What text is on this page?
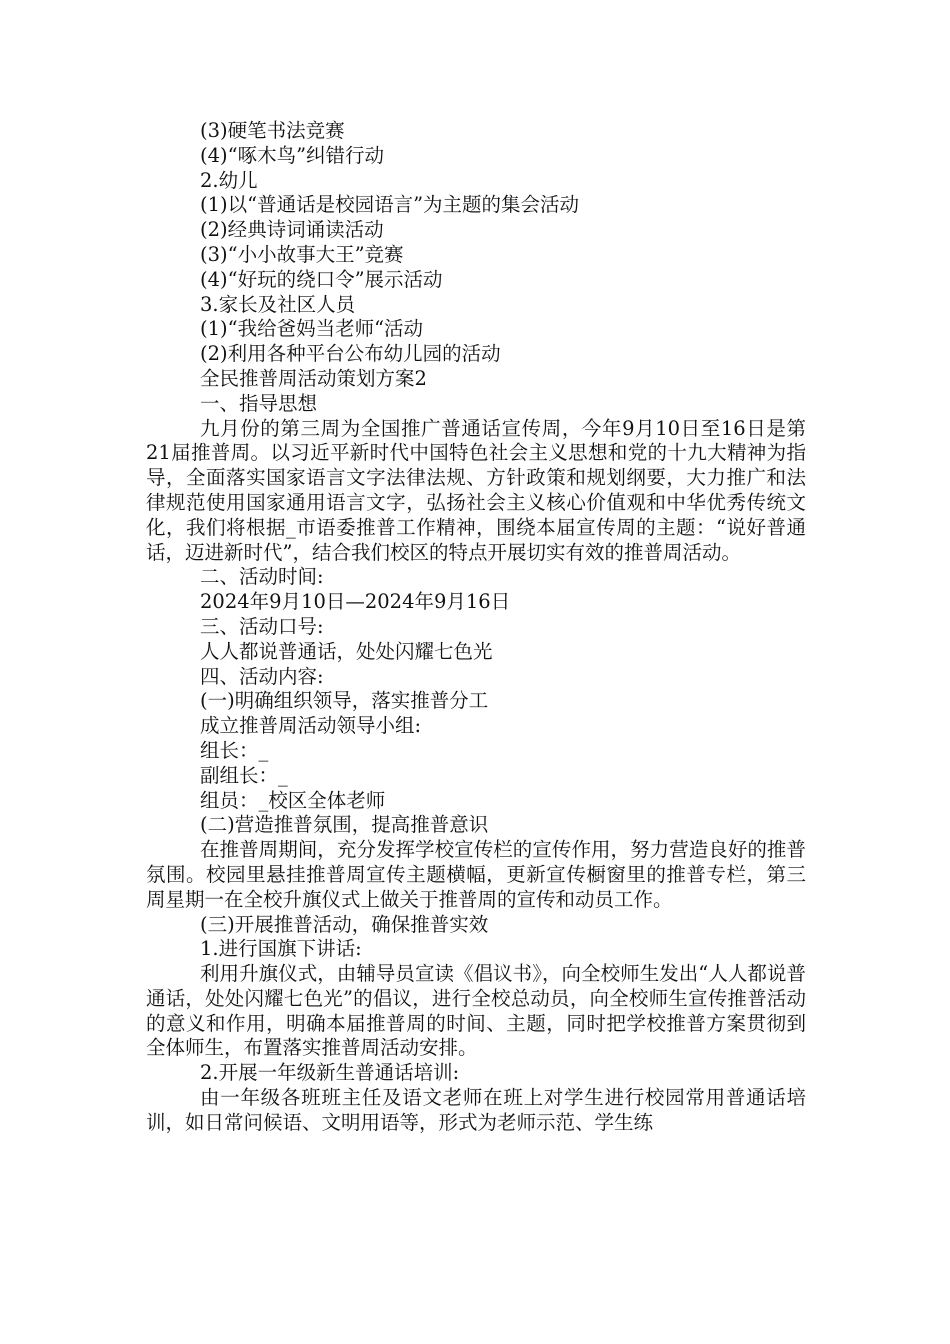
(3)硬笔书法竞赛

(4)“啄木鸟”纠错行动

2.幼儿

(1)以“普通话是校园语言”为主题的集会活动

(2)经典诗词诵读活动

(3)“小小故事大王”竞赛

(4)“好玩的绕口令”展示活动

3.家长及社区人员

(1)“我给爸妈当老师“活动

(2)利用各种平台公布幼儿园的活动

全民推普周活动策划方案2

一、指导思想

九月份的第三周为全国推广普通话宣传周，今年9月10日至16日是第21届推普周。以习近平新时代中国特色社会主义思想和党的十九大精神为指导，全面落实国家语言文字法律法规、方针政策和规划纲要，大力推广和法律规范使用国家通用语言文字，弘扬社会主义核心价值观和中华优秀传统文化，我们将根据_市语委推普工作精神，围绕本届宣传周的主题：“说好普通话，迈进新时代”，结合我们校区的特点开展切实有效的推普周活动。

二、活动时间:

2024年9月10日—2024年9月16日

三、活动口号:

人人都说普通话，处处闪耀七色光

四、活动内容:

(一)明确组织领导，落实推普分工

成立推普周活动领导小组:

组长：_

副组长：_

组员：_校区全体老师

(二)营造推普氛围，提高推普意识

在推普周期间，充分发挥学校宣传栏的宣传作用，努力营造良好的推普氛围。校园里悬挂推普周宣传主题横幅，更新宣传橱窗里的推普专栏，第三周星期一在全校升旗仪式上做关于推普周的宣传和动员工作。

(三)开展推普活动，确保推普实效

1.进行国旗下讲话:

利用升旗仪式，由辅导员宣读《倡议书》，向全校师生发出“人人都说普通话，处处闪耀七色光”的倡议，进行全校总动员，向全校师生宣传推普活动的意义和作用，明确本届推普周的时间、主题，同时把学校推普方案贯彻到全体师生，布置落实推普周活动安排。

2.开展一年级新生普通话培训:

由一年级各班班主任及语文老师在班上对学生进行校园常用普通话培训，如日常问候语、文明用语等，形式为老师示范、学生练
